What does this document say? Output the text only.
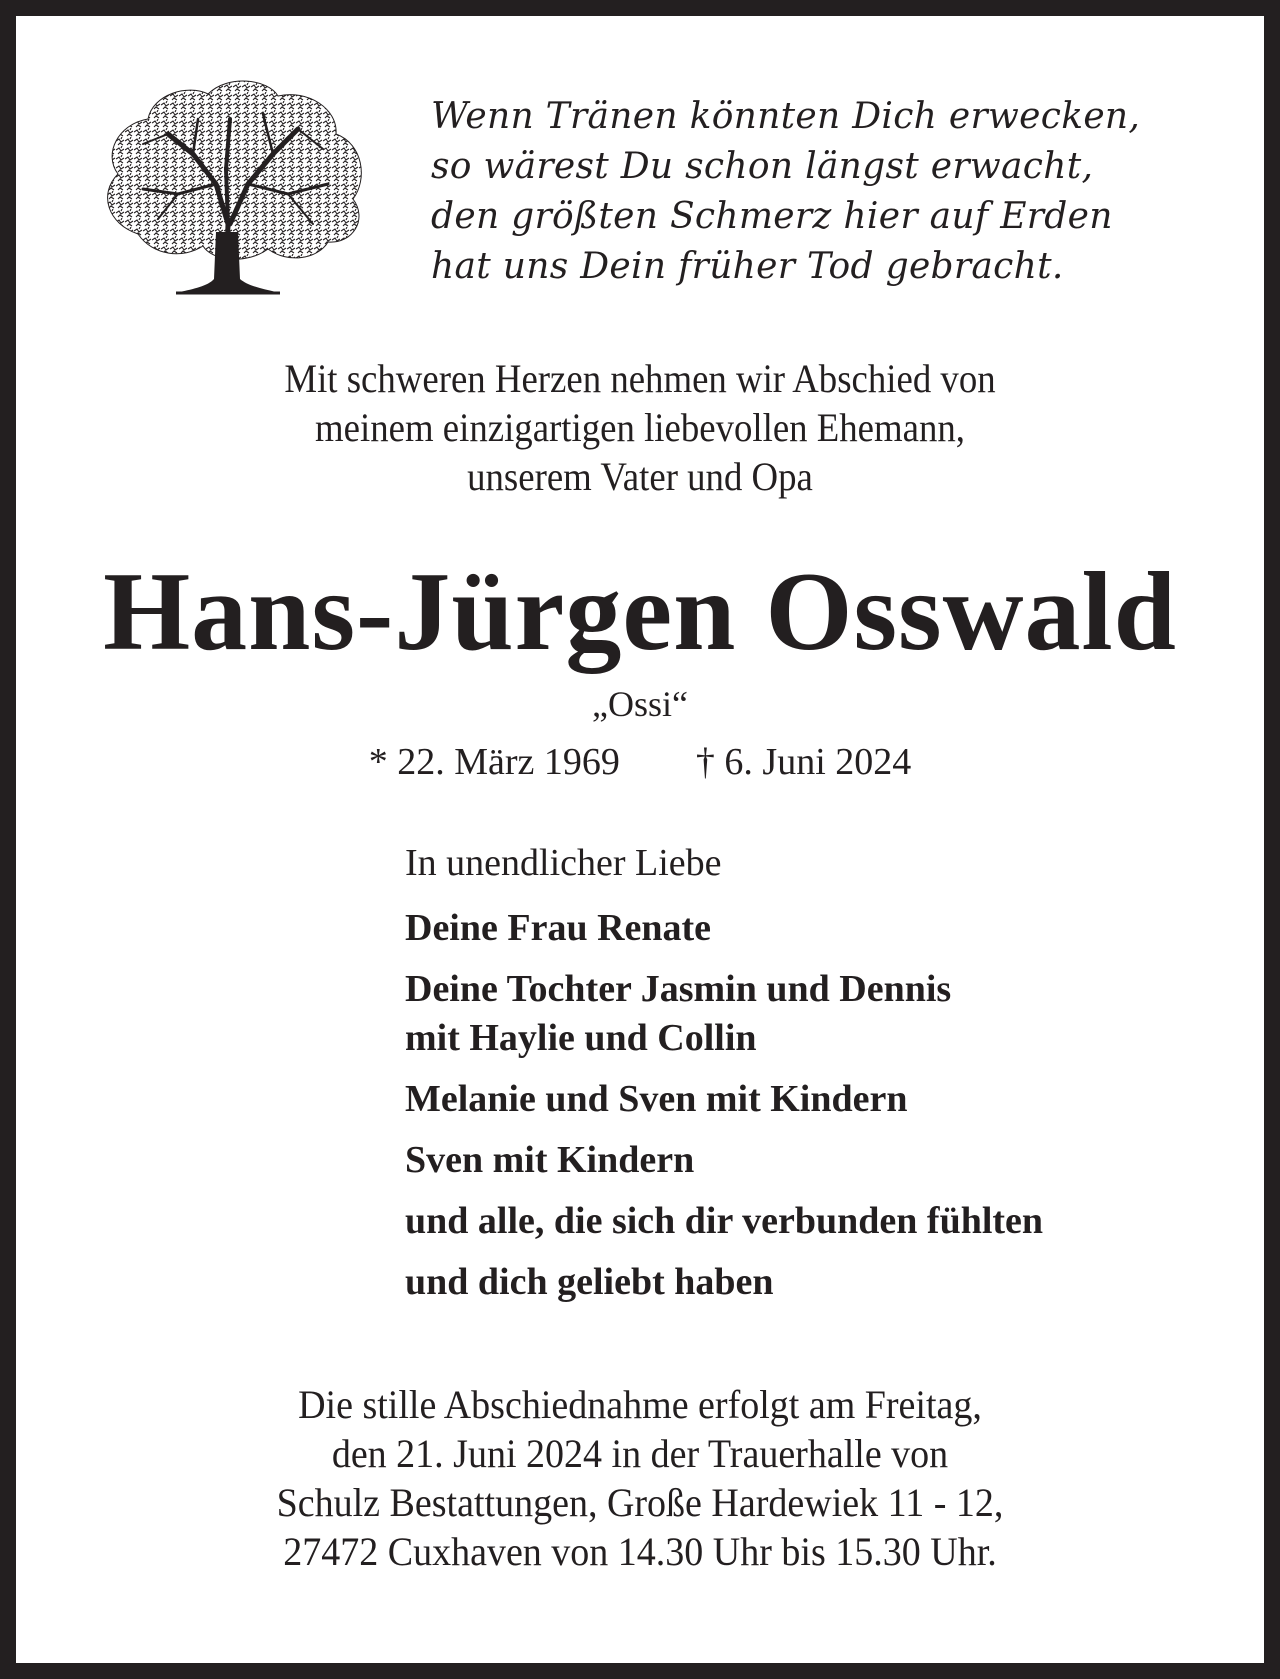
Wenn Tränen könnten Dich erwecken,
so wärest Du schon längst erwacht,
den größten Schmerz hier auf Erden
hat uns Dein früher Tod gebracht.
Mit schweren Herzen nehmen wir Abschied von
meinem einzigartigen liebevollen Ehemann,
unserem Vater und Opa
Hans-Jürgen Osswald
„Ossi“
* 22. März 1969 † 6. Juni 2024
In unendlicher Liebe
Deine Frau Renate
Deine Tochter Jasmin und Dennis
mit Haylie und Collin
Melanie und Sven mit Kindern
Sven mit Kindern
und alle, die sich dir verbunden fühlten
und dich geliebt haben
Die stille Abschiednahme erfolgt am Freitag,
den 21. Juni 2024 in der Trauerhalle von
Schulz Bestattungen, Große Hardewiek 11 - 12,
27472 Cuxhaven von 14.30 Uhr bis 15.30 Uhr.
